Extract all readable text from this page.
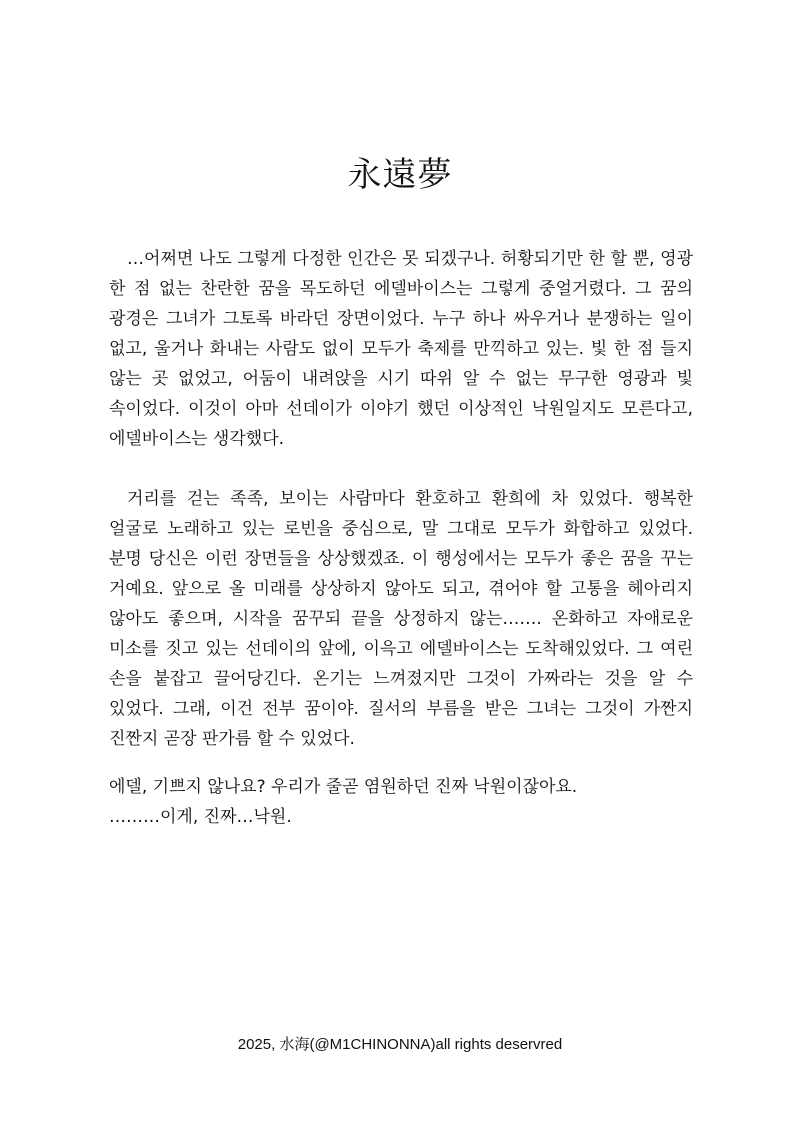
永遠夢

…어쩌면 나도 그렇게 다정한 인간은 못 되겠구나. 허황되기만 한 할 뿐, 영광 한 점 없는 찬란한 꿈을 목도하던 에델바이스는 그렇게 중얼거렸다. 그 꿈의 광경은 그녀가 그토록 바라던 장면이었다. 누구 하나 싸우거나 분쟁하는 일이 없고, 울거나 화내는 사람도 없이 모두가 축제를 만끽하고 있는. 빛 한 점 들지 않는 곳 없었고, 어둠이 내려앉을 시기 따위 알 수 없는 무구한 영광과 빛 속이었다. 이것이 아마 선데이가 이야기 했던 이상적인 낙원일지도 모른다고, 에델바이스는 생각했다.

거리를 걷는 족족, 보이는 사람마다 환호하고 환희에 차 있었다. 행복한 얼굴로 노래하고 있는 로빈을 중심으로, 말 그대로 모두가 화합하고 있었다. 분명 당신은 이런 장면들을 상상했겠죠. 이 행성에서는 모두가 좋은 꿈을 꾸는 거예요. 앞으로 올 미래를 상상하지 않아도 되고, 겪어야 할 고통을 헤아리지 않아도 좋으며, 시작을 꿈꾸되 끝을 상정하지 않는……. 온화하고 자애로운 미소를 짓고 있는 선데이의 앞에, 이윽고 에델바이스는 도착해있었다. 그 여린 손을 붙잡고 끌어당긴다. 온기는 느껴졌지만 그것이 가짜라는 것을 알 수 있었다. 그래, 이건 전부 꿈이야. 질서의 부름을 받은 그녀는 그것이 가짠지 진짠지 곧장 판가름 할 수 있었다.

에델, 기쁘지 않나요? 우리가 줄곧 염원하던 진짜 낙원이잖아요.

………이게, 진짜…낙원.

2025, 水海(@M1CHINONNA)all rights deservred
